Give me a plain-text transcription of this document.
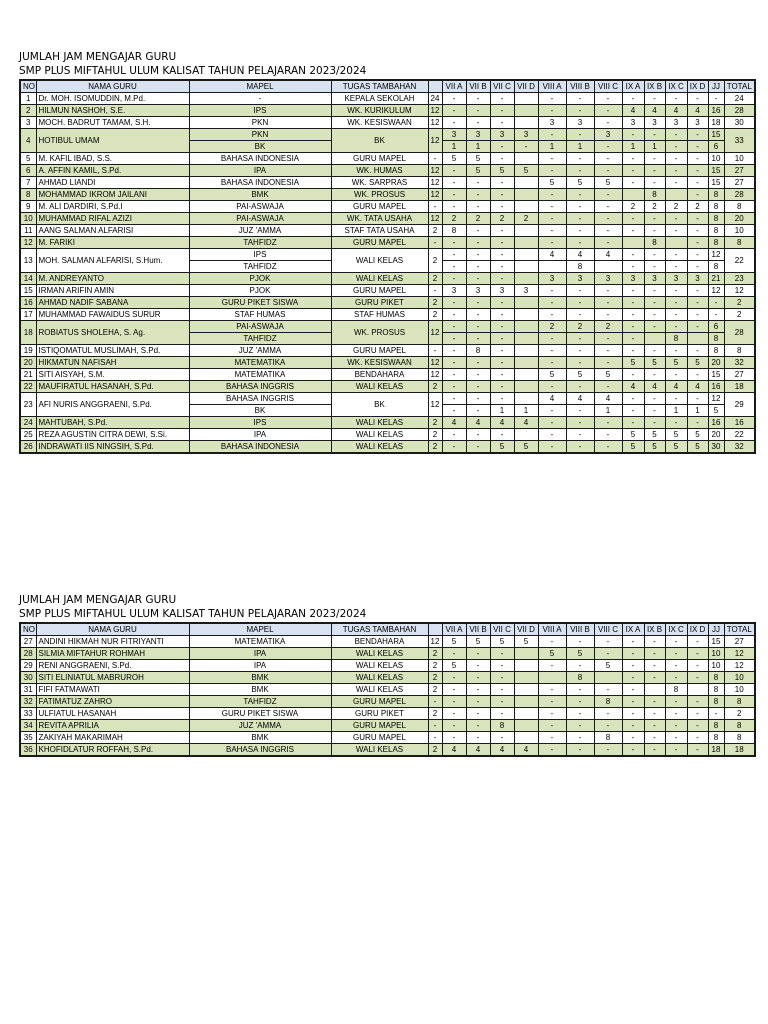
JUMLAH JAM MENGAJAR GURU
SMP PLUS MIFTAHUL ULUM KALISAT TAHUN PELAJARAN 2023/2024
NO	NAMA GURU	MAPEL	TUGAS TAMBAHAN		VII A	VII B	VII C	VII D	VIII A	VIII B	VIII C	IX A	IX B	IX C	IX D	JJ	TOTAL
1	Dr. MOH. ISOMUDDIN, M.Pd.	-	KEPALA SEKOLAH	24	-	-	-		-	-	-	-	-	-	-	-	24
2	HILMUN NASHOH, S.E.	IPS	WK. KURIKULUM	12	-	-	-		-	-	-	4	4	4	4	16	28
3	MOCH. BADRUT TAMAM, S.H.	PKN	WK. KESISWAAN	12	-	-	-		3	3	-	3	3	3	3	18	30
4	HOTIBUL UMAM	PKN	BK	12	3	3	3	3	-	-	3	-	-	-	-	15	33
		BK			1	1	-	-	1	1	-	1	1	-	-	6	
5	M. KAFIL IBAD, S.S.	BAHASA INDONESIA	GURU MAPEL	-	5	5	-		-	-	-	-	-	-	-	10	10
6	A. AFFIN KAMIL, S.Pd.	IPA	WK. HUMAS	12	-	5	5	5	-	-	-	-	-	-	-	15	27
7	AHMAD LIANDI	BAHASA INDONESIA	WK. SARPRAS	12	-	-	-		5	5	5	-	-	-	-	15	27
8	MOHAMMAD IKROM JAILANI	BMK	WK. PROSUS	12	-	-	-		-	-	-		8		-	8	28
9	M. ALI DARDIRI, S.Pd.I	PAI-ASWAJA	GURU MAPEL	-	-	-	-		-	-	-	2	2	2	2	8	8
10	MUHAMMAD RIFAL AZIZI	PAI-ASWAJA	WK. TATA USAHA	12	2	2	2	2	-	-	-	-	-	-	-	8	20
11	AANG SALMAN ALFARISI	JUZ 'AMMA	STAF TATA USAHA	2	8	-	-		-	-	-	-	-	-	-	8	10
12	M. FARIKI	TAHFIDZ	GURU MAPEL	-	-	-	-		-	-	-		8		-	8	8
13	MOH. SALMAN ALFARISI, S.Hum.	IPS	WALI KELAS	2	-	-	-		4	4	4	-	-	-	-	12	22
		TAHFIDZ			-	-	-			8		-	-	-	-	8	
14	M. ANDREYANTO	PJOK	WALI KELAS	2	-	-	-		3	3	3	3	3	3	3	21	23
15	IRMAN ARIFIN AMIN	PJOK	GURU MAPEL	-	3	3	3	3	-	-	-	-	-	-	-	12	12
16	AHMAD NADIF SABANA	GURU PIKET SISWA	GURU PIKET	2	-	-	-		-	-	-	-	-	-	-	-	2
17	MUHAMMAD FAWAIDUS SURUR	STAF HUMAS	STAF HUMAS	2	-	-	-		-	-	-	-	-	-	-	-	2
18	ROBIATUS SHOLEHA, S. Ag.	PAI-ASWAJA	WK. PROSUS	12	-	-	-		2	2	2	-	-	-	-	6	28
		TAHFIDZ			-	-	-		-	-	-	-		8		8	
19	ISTIQOMATUL MUSLIMAH, S.Pd.	JUZ 'AMMA	GURU MAPEL	-	-	8	-		-	-	-	-	-	-	-	8	8
20	HIKMATUN NAFISAH	MATEMATIKA	WK. KESISWAAN	12	-	-	-		-	-	-	5	5	5	5	20	32
21	SITI AISYAH, S.M.	MATEMATIKA	BENDAHARA	12	-	-	-		5	5	5	-	-	-	-	15	27
22	MAUFIRATUL HASANAH, S.Pd.	BAHASA INGGRIS	WALI KELAS	2	-	-	-		-	-	-	4	4	4	4	16	18
23	AFI NURIS ANGGRAENI, S.Pd.	BAHASA INGGRIS	BK	12	-	-	-		4	4	4	-	-	-	-	12	29
		BK			-	-	1	1	-	-	1	-	-	1	1	5	
24	MAHTUBAH, S.Pd.	IPS	WALI KELAS	2	4	4	4	4	-	-	-	-	-	-	-	16	16
25	REZA AGUSTIN CITRA DEWI, S.Si.	IPA	WALI KELAS	2	-	-	-		-	-	-	5	5	5	5	20	22
26	INDRAWATI IIS NINGSIH, S.Pd.	BAHASA INDONESIA	WALI KELAS	2	-	-	5	5	-	-	-	5	5	5	5	30	32
JUMLAH JAM MENGAJAR GURU
SMP PLUS MIFTAHUL ULUM KALISAT TAHUN PELAJARAN 2023/2024
NO	NAMA GURU	MAPEL	TUGAS TAMBAHAN		VII A	VII B	VII C	VII D	VIII A	VIII B	VIII C	IX A	IX B	IX C	IX D	JJ	TOTAL
27	ANDINI HIKMAH NUR FITRIYANTI	MATEMATIKA	BENDAHARA	12	5	5	5	5	-	-	-	-	-	-	-	15	27
28	SILMIA MIFTAHUR ROHMAH	IPA	WALI KELAS	2	-	-	-		5	5	-	-	-	-	-	10	12
29	RENI ANGGRAENI, S.Pd.	IPA	WALI KELAS	2	5	-	-		-	-	5	-	-	-	-	10	12
30	SITI ELINIATUL MABRUROH	BMK	WALI KELAS	2	-	-	-			8		-	-	-	-	8	10
31	FIFI FATMAWATI	BMK	WALI KELAS	2	-	-	-		-	-	-	-		8		8	10
32	FATIMATUZ ZAHRO	TAHFIDZ	GURU MAPEL	-	-	-	-		-	-	8	-	-	-	-	8	8
33	ULFIATUL HASANAH	GURU PIKET SISWA	GURU PIKET	2	-	-	-		-	-	-	-	-	-	-	-	2
34	REVITA APRILIA	JUZ 'AMMA	GURU MAPEL	-	-	-	8		-	-	-	-	-	-	-	8	8
35	ZAKIYAH MAKARIMAH	BMK	GURU MAPEL	-	-	-	-		-	-	8	-	-	-	-	8	8
36	KHOFIDLATUR ROFFAH, S.Pd.	BAHASA INGGRIS	WALI KELAS	2	4	4	4	4	-	-	-	-	-	-	-	18	18
